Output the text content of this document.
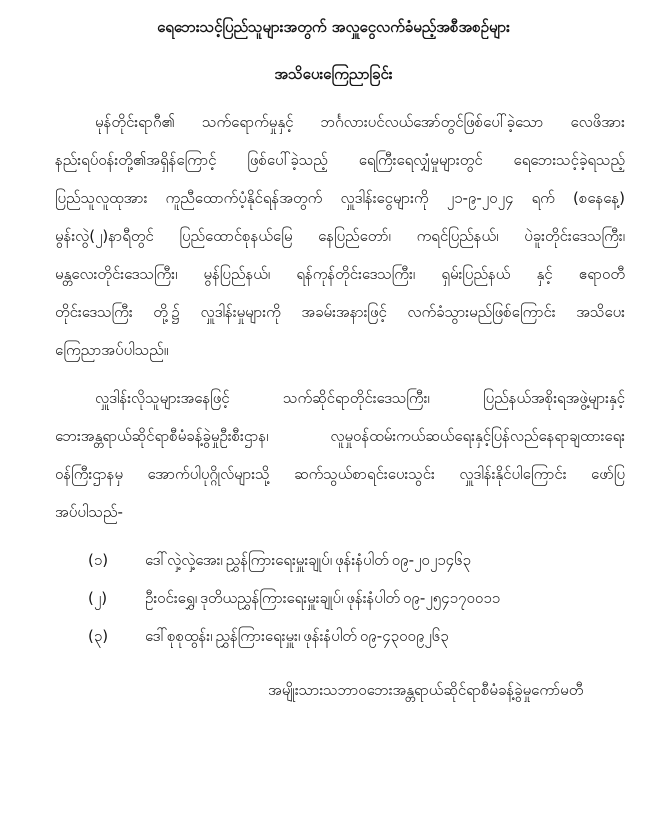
ရေဘေးသင့်ပြည်သူများအတွက် အလှူငွေလက်ခံမည့်အစီအစဉ်များ
အသိပေးကြေညာခြင်း
မုန်တိုင်းရာဂီ၏ သက်ရောက်မှုနှင့် ဘင်္ဂလားပင်လယ်အော်တွင်ဖြစ်ပေါ်ခဲ့သော လေဖိအား
နည်းရပ်ဝန်းတို့၏အရှိန်ကြောင့် ဖြစ်ပေါ်ခဲ့သည့် ရေကြီးရေလျှံမှုများတွင် ရေဘေးသင့်ခဲ့ရသည့်
ပြည်သူလူထုအား ကူညီထောက်ပံ့နိုင်ရန်အတွက် လှူဒါန်းငွေများကို ၂၁-၉-၂၀၂၄ ရက် (စနေနေ့)
မွန်းလွဲ(၂)နာရီတွင် ပြည်ထောင်စုနယ်မြေ နေပြည်တော်၊ ကရင်ပြည်နယ်၊ ပဲခူးတိုင်းဒေသကြီး၊
မန္တလေးတိုင်းဒေသကြီး၊ မွန်ပြည်နယ်၊ ရန်ကုန်တိုင်းဒေသကြီး၊ ရှမ်းပြည်နယ် နှင့် ဧရာဝတီ
တိုင်းဒေသကြီး တို့၌ လှူဒါန်းမှုများကို အခမ်းအနားဖြင့် လက်ခံသွားမည်ဖြစ်ကြောင်း အသိပေး
ကြေညာအပ်ပါသည်။
လှူဒါန်းလိုသူများအနေဖြင့် သက်ဆိုင်ရာတိုင်းဒေသကြီး၊ ပြည်နယ်အစိုးရအဖွဲ့များနှင့်
ဘေးအန္တရာယ်ဆိုင်ရာစီမံခန့်ခွဲမှုဦးစီးဌာန၊ လူမှုဝန်ထမ်းကယ်ဆယ်ရေးနှင့်ပြန်လည်နေရာချထားရေး
ဝန်ကြီးဌာနမှ အောက်ပါပုဂ္ဂိုလ်များသို့ ဆက်သွယ်စာရင်းပေးသွင်း လှူဒါန်းနိုင်ပါကြောင်း ဖော်ပြ
အပ်ပါသည်-
(၁) ဒေါ်လှဲ့လှဲ့အေး၊ ညွှန်ကြားရေးမှူးချုပ်၊ ဖုန်းနံပါတ် ၀၉-၂၀၂၁၄၆၃
(၂)	ဦးဝင်းရွှေ၊ ဒုတိယညွှန်ကြားရေးမှူးချုပ်၊ ဖုန်းနံပါတ် ၀၉-၂၅၄၁၇၀၀၁၁
(၃) ဒေါ်စုစုထွန်း၊ ညွှန်ကြားရေးမှူး၊ ဖုန်းနံပါတ် ၀၉-၄၃၀၀၉၂၆၃
အမျိုးသားသဘာဝဘေးအန္တရာယ်ဆိုင်ရာစီမံခန့်ခွဲမှုကော်မတီ
